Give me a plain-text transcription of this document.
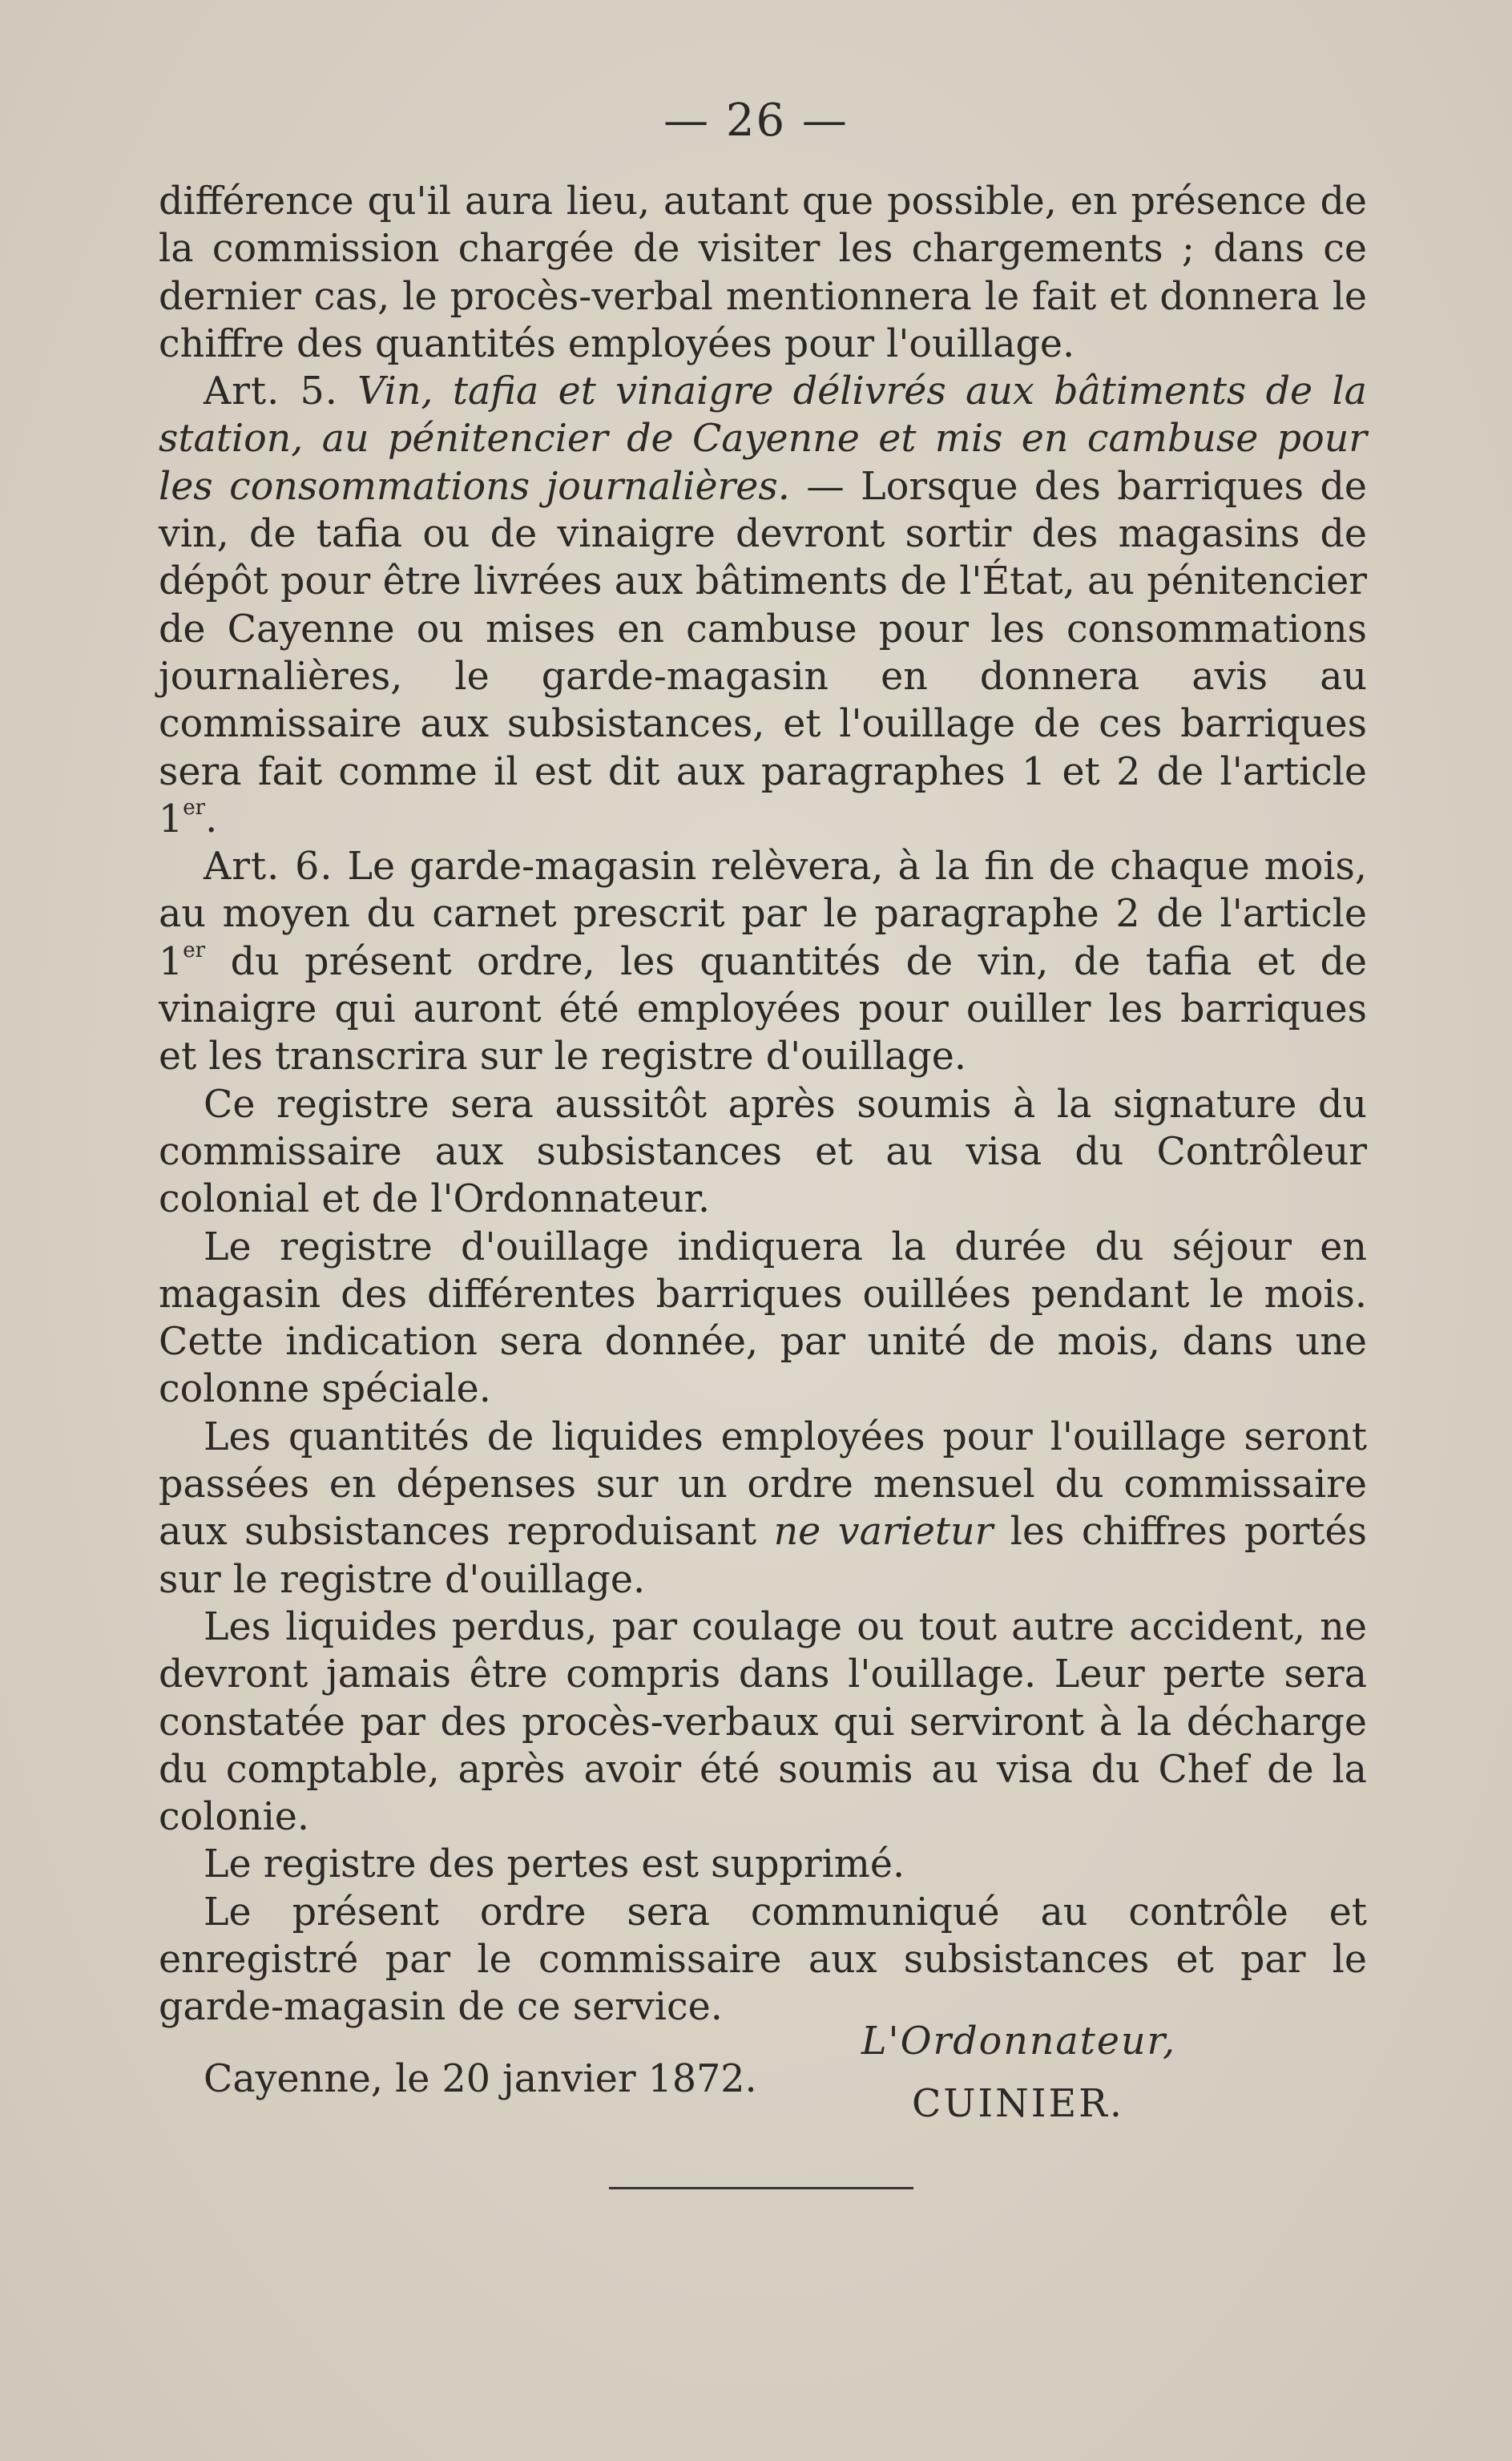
— 26 —

différence qu'il aura lieu, autant que possible, en présence de la commission chargée de visiter les chargements ; dans ce dernier cas, le procès-verbal mentionnera le fait et donnera le chiffre des quantités employées pour l'ouillage.

Art. 5. Vin, tafia et vinaigre délivrés aux bâtiments de la station, au pénitencier de Cayenne et mis en cambuse pour les consommations journalières. — Lorsque des barriques de vin, de tafia ou de vinaigre devront sortir des magasins de dépôt pour être livrées aux bâtiments de l'État, au pénitencier de Cayenne ou mises en cambuse pour les consommations journalières, le garde-magasin en donnera avis au commissaire aux subsistances, et l'ouillage de ces barriques sera fait comme il est dit aux paragraphes 1 et 2 de l'article 1er.

Art. 6. Le garde-magasin relèvera, à la fin de chaque mois, au moyen du carnet prescrit par le paragraphe 2 de l'article 1er du présent ordre, les quantités de vin, de tafia et de vinaigre qui auront été employées pour ouiller les barriques et les transcrira sur le registre d'ouillage.

Ce registre sera aussitôt après soumis à la signature du commissaire aux subsistances et au visa du Contrôleur colonial et de l'Ordonnateur.

Le registre d'ouillage indiquera la durée du séjour en magasin des différentes barriques ouillées pendant le mois. Cette indication sera donnée, par unité de mois, dans une colonne spéciale.

Les quantités de liquides employées pour l'ouillage seront passées en dépenses sur un ordre mensuel du commissaire aux subsistances reproduisant ne varietur les chiffres portés sur le registre d'ouillage.

Les liquides perdus, par coulage ou tout autre accident, ne devront jamais être compris dans l'ouillage. Leur perte sera constatée par des procès-verbaux qui serviront à la décharge du comptable, après avoir été soumis au visa du Chef de la colonie.

Le registre des pertes est supprimé.

Le présent ordre sera communiqué au contrôle et enregistré par le commissaire aux subsistances et par le garde-magasin de ce service.

Cayenne, le 20 janvier 1872.

L'Ordonnateur,
CUINIER.
